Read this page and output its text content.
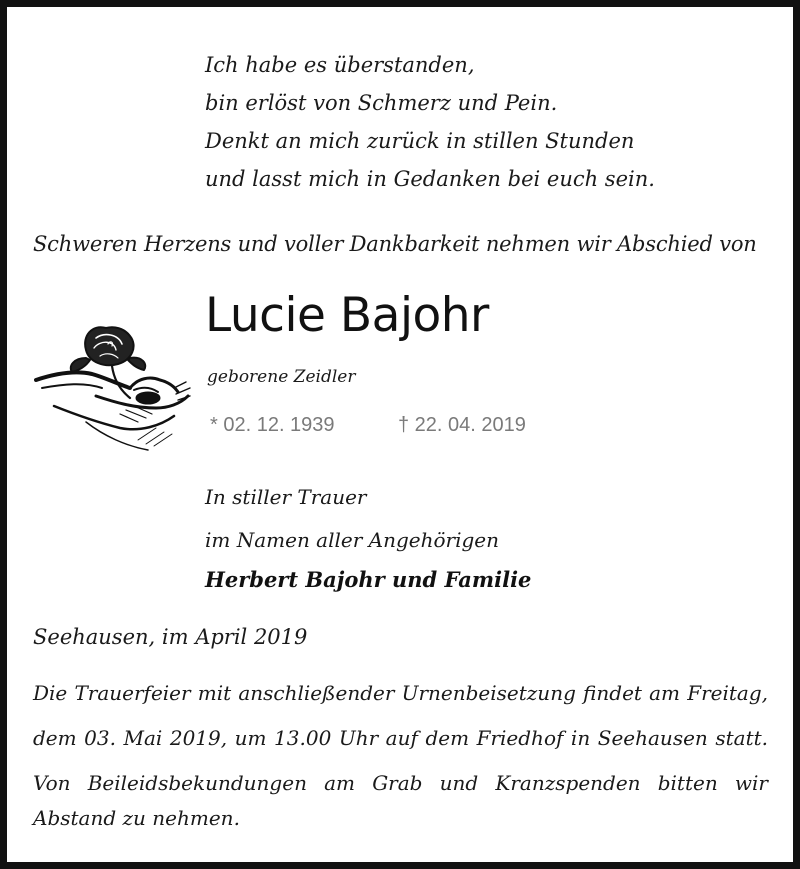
Ich habe es überstanden,

bin erlöst von Schmerz und Pein.

Denkt an mich zurück in stillen Stunden

und lasst mich in Gedanken bei euch sein.

Schweren Herzens und voller Dankbarkeit nehmen wir Abschied von

Lucie Bajohr

geborene Zeidler

* 02. 12. 1939	† 22. 04. 2019

In stiller Trauer

im Namen aller Angehörigen

Herbert Bajohr und Familie

Seehausen, im April 2019

Die Trauerfeier mit anschließender Urnenbeisetzung findet am Freitag,

dem 03. Mai 2019, um 13.00 Uhr auf dem Friedhof in Seehausen statt.

Von Beileidsbekundungen am Grab und Kranzspenden bitten wir

Abstand zu nehmen.
